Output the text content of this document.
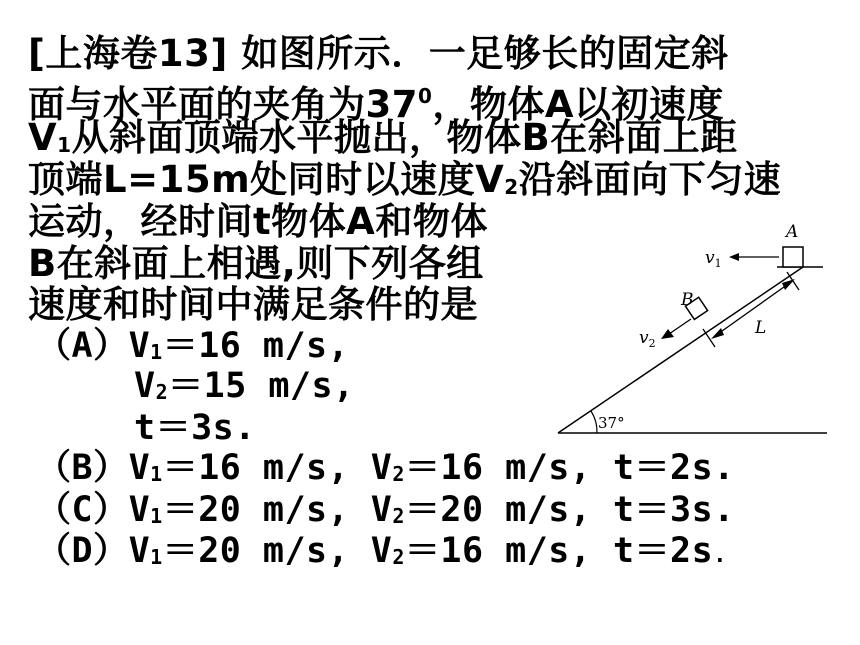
[上海卷13] 如图所示．一足够长的固定斜
面与水平面的夹角为$37^0$，物体A以初速度
V1从斜面顶端水平抛出，物体B在斜面上距
顶端L=15m处同时以速度V2沿斜面向下匀速
运动，经时间t物体A和物体
B在斜面上相遇,则下列各组
速度和时间中满足条件的是
（A）V1＝16 m/s,
V2＝15 m/s,
t＝3s.
（B）V1＝16 m/s, V2＝16 m/s, t＝2s.
（C）V1＝20 m/s, V2＝20 m/s, t＝3s.
（D）V1＝20 m/s, V2＝16 m/s, t＝2s.
37°
A
$v_1$
B
$v_2$
L
